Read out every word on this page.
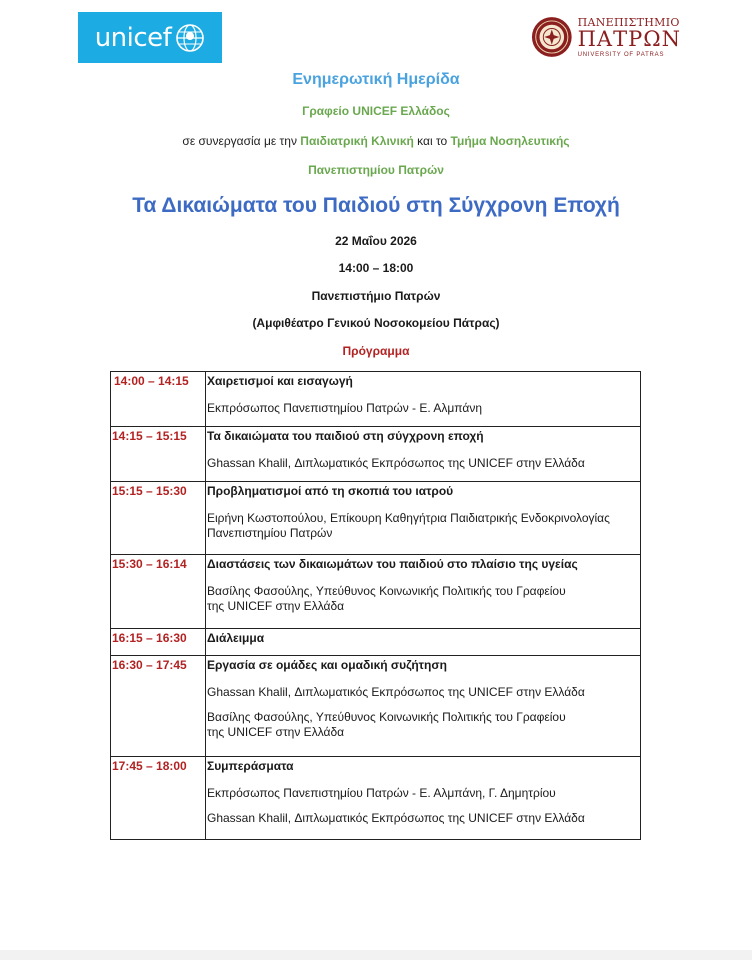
unicef
ΠΑΝΕΠΙΣΤΗΜΙΟ
ΠΑΤΡΩΝ
UNIVERSITY OF PATRAS
Ενημερωτική Ημερίδα
Γραφείο UNICEF Ελλάδος
σε συνεργασία με την Παιδιατρική Κλινική και το Τμήμα Νοσηλευτικής
Πανεπιστημίου Πατρών
Τα Δικαιώματα του Παιδιού στη Σύγχρονη Εποχή
22 Μαΐου 2026
14:00 – 18:00
Πανεπιστήμιο Πατρών
(Αμφιθέατρο Γενικού Νοσοκομείου Πάτρας)
Πρόγραμμα
14:00 – 14:15	Χαιρετισμοί και εισαγωγή
Εκπρόσωπος Πανεπιστημίου Πατρών - Ε. Αλμπάνη

14:15 – 15:15	Τα δικαιώματα του παιδιού στη σύγχρονη εποχή
Ghassan Khalil, Διπλωματικός Εκπρόσωπος της UNICEF στην Ελλάδα

15:15 – 15:30	Προβληματισμοί από τη σκοπιά του ιατρού
Ειρήνη Κωστοπούλου, Επίκουρη Καθηγήτρια Παιδιατρικής Ενδοκρινολογίας Πανεπιστημίου Πατρών

15:30 – 16:14	Διαστάσεις των δικαιωμάτων του παιδιού στο πλαίσιο της υγείας
Βασίλης Φασούλης, Υπεύθυνος Κοινωνικής Πολιτικής του Γραφείου της UNICEF στην Ελλάδα

16:15 – 16:30	Διάλειμμα

16:30 – 17:45	Εργασία σε ομάδες και ομαδική συζήτηση
Ghassan Khalil, Διπλωματικός Εκπρόσωπος της UNICEF στην Ελλάδα
Βασίλης Φασούλης, Υπεύθυνος Κοινωνικής Πολιτικής του Γραφείου της UNICEF στην Ελλάδα

17:45 – 18:00	Συμπεράσματα
Εκπρόσωπος Πανεπιστημίου Πατρών - Ε. Αλμπάνη, Γ. Δημητρίου
Ghassan Khalil, Διπλωματικός Εκπρόσωπος της UNICEF στην Ελλάδα
